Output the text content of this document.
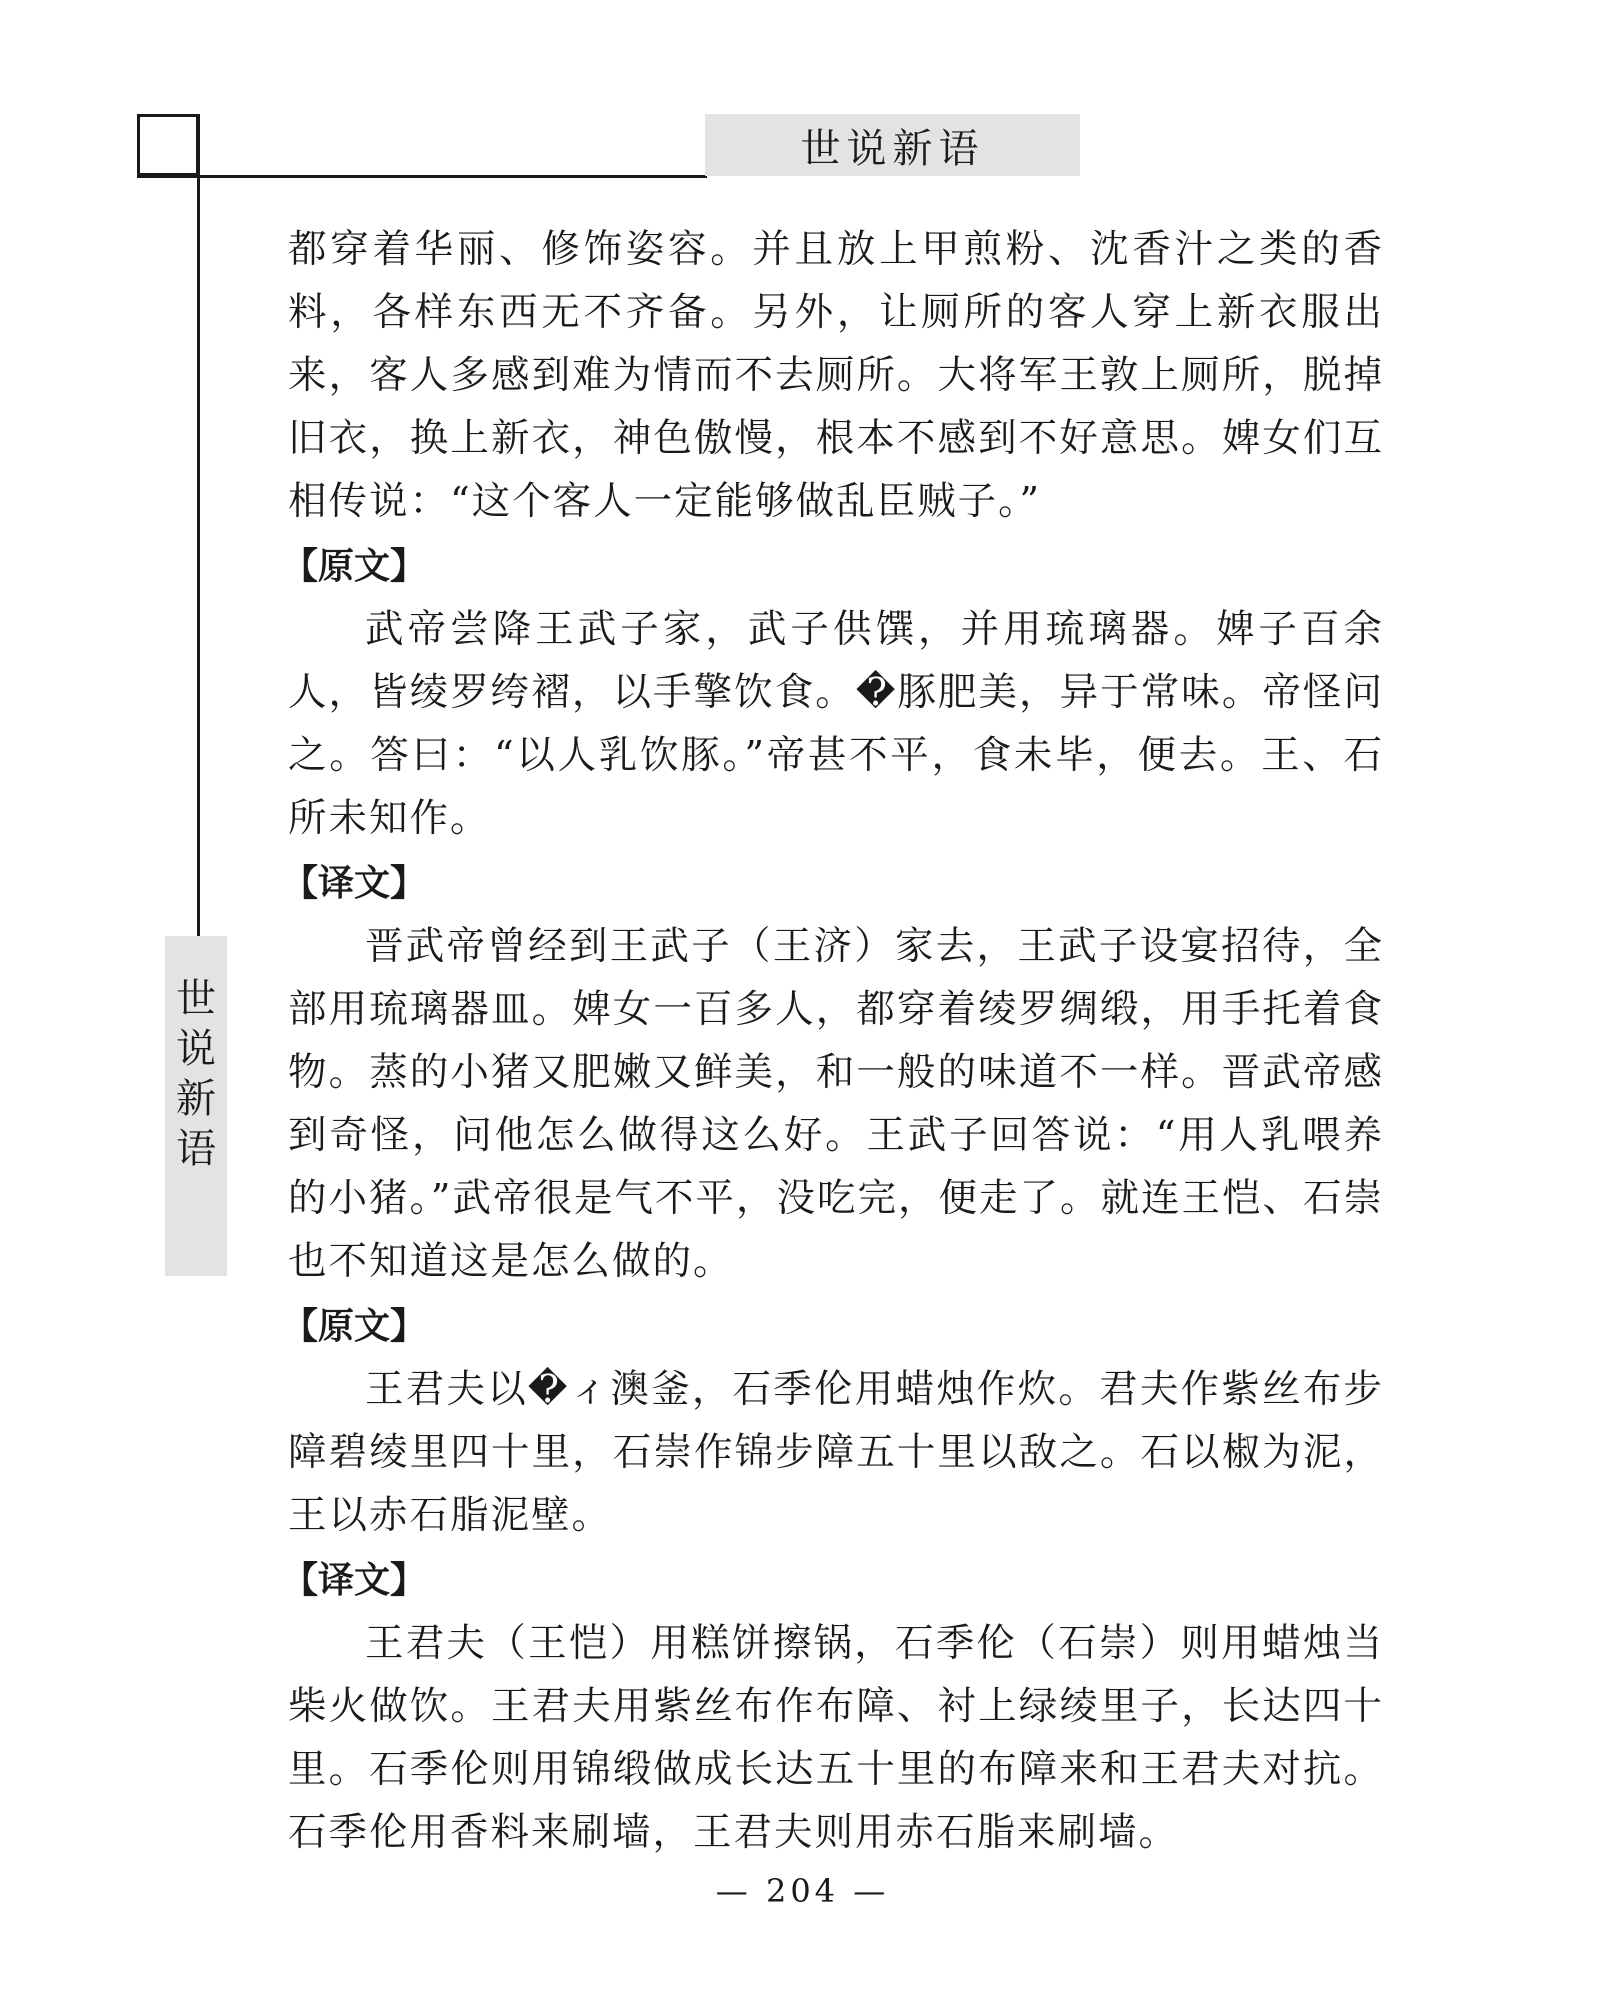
世说新语
世
说
新
语

都穿着华丽、修饰姿容。并且放上甲煎粉、沈香汁之类的香料，各样东西无不齐备。另外，让厕所的客人穿上新衣服出来，客人多感到难为情而不去厕所。大将军王敦上厕所，脱掉旧衣，换上新衣，神色傲慢，根本不感到不好意思。婢女们互相传说：“这个客人一定能够做乱臣贼子。”

【原文】

武帝尝降王武子家，武子供馔，并用琉璃器。婢子百余人，皆绫罗绔褶，以手擎饮食。�豚肥美，异于常味。帝怪问之。答曰：“以人乳饮豚。”帝甚不平，食未毕，便去。王、石所未知作。

【译文】

晋武帝曾经到王武子（王济）家去，王武子设宴招待，全部用琉璃器皿。婢女一百多人，都穿着绫罗绸缎，用手托着食物。蒸的小猪又肥嫩又鲜美，和一般的味道不一样。晋武帝感到奇怪，问他怎么做得这么好。王武子回答说：“用人乳喂养的小猪。”武帝很是气不平，没吃完，便走了。就连王恺、石崇也不知道这是怎么做的。

【原文】

王君夫以�ィ澳釜，石季伦用蜡烛作炊。君夫作紫丝布步障碧绫里四十里，石崇作锦步障五十里以敌之。石以椒为泥，王以赤石脂泥壁。

【译文】

王君夫（王恺）用糕饼擦锅，石季伦（石崇）则用蜡烛当柴火做饮。王君夫用紫丝布作布障、衬上绿绫里子，长达四十里。石季伦则用锦缎做成长达五十里的布障来和王君夫对抗。石季伦用香料来刷墙，王君夫则用赤石脂来刷墙。

— 204 —
